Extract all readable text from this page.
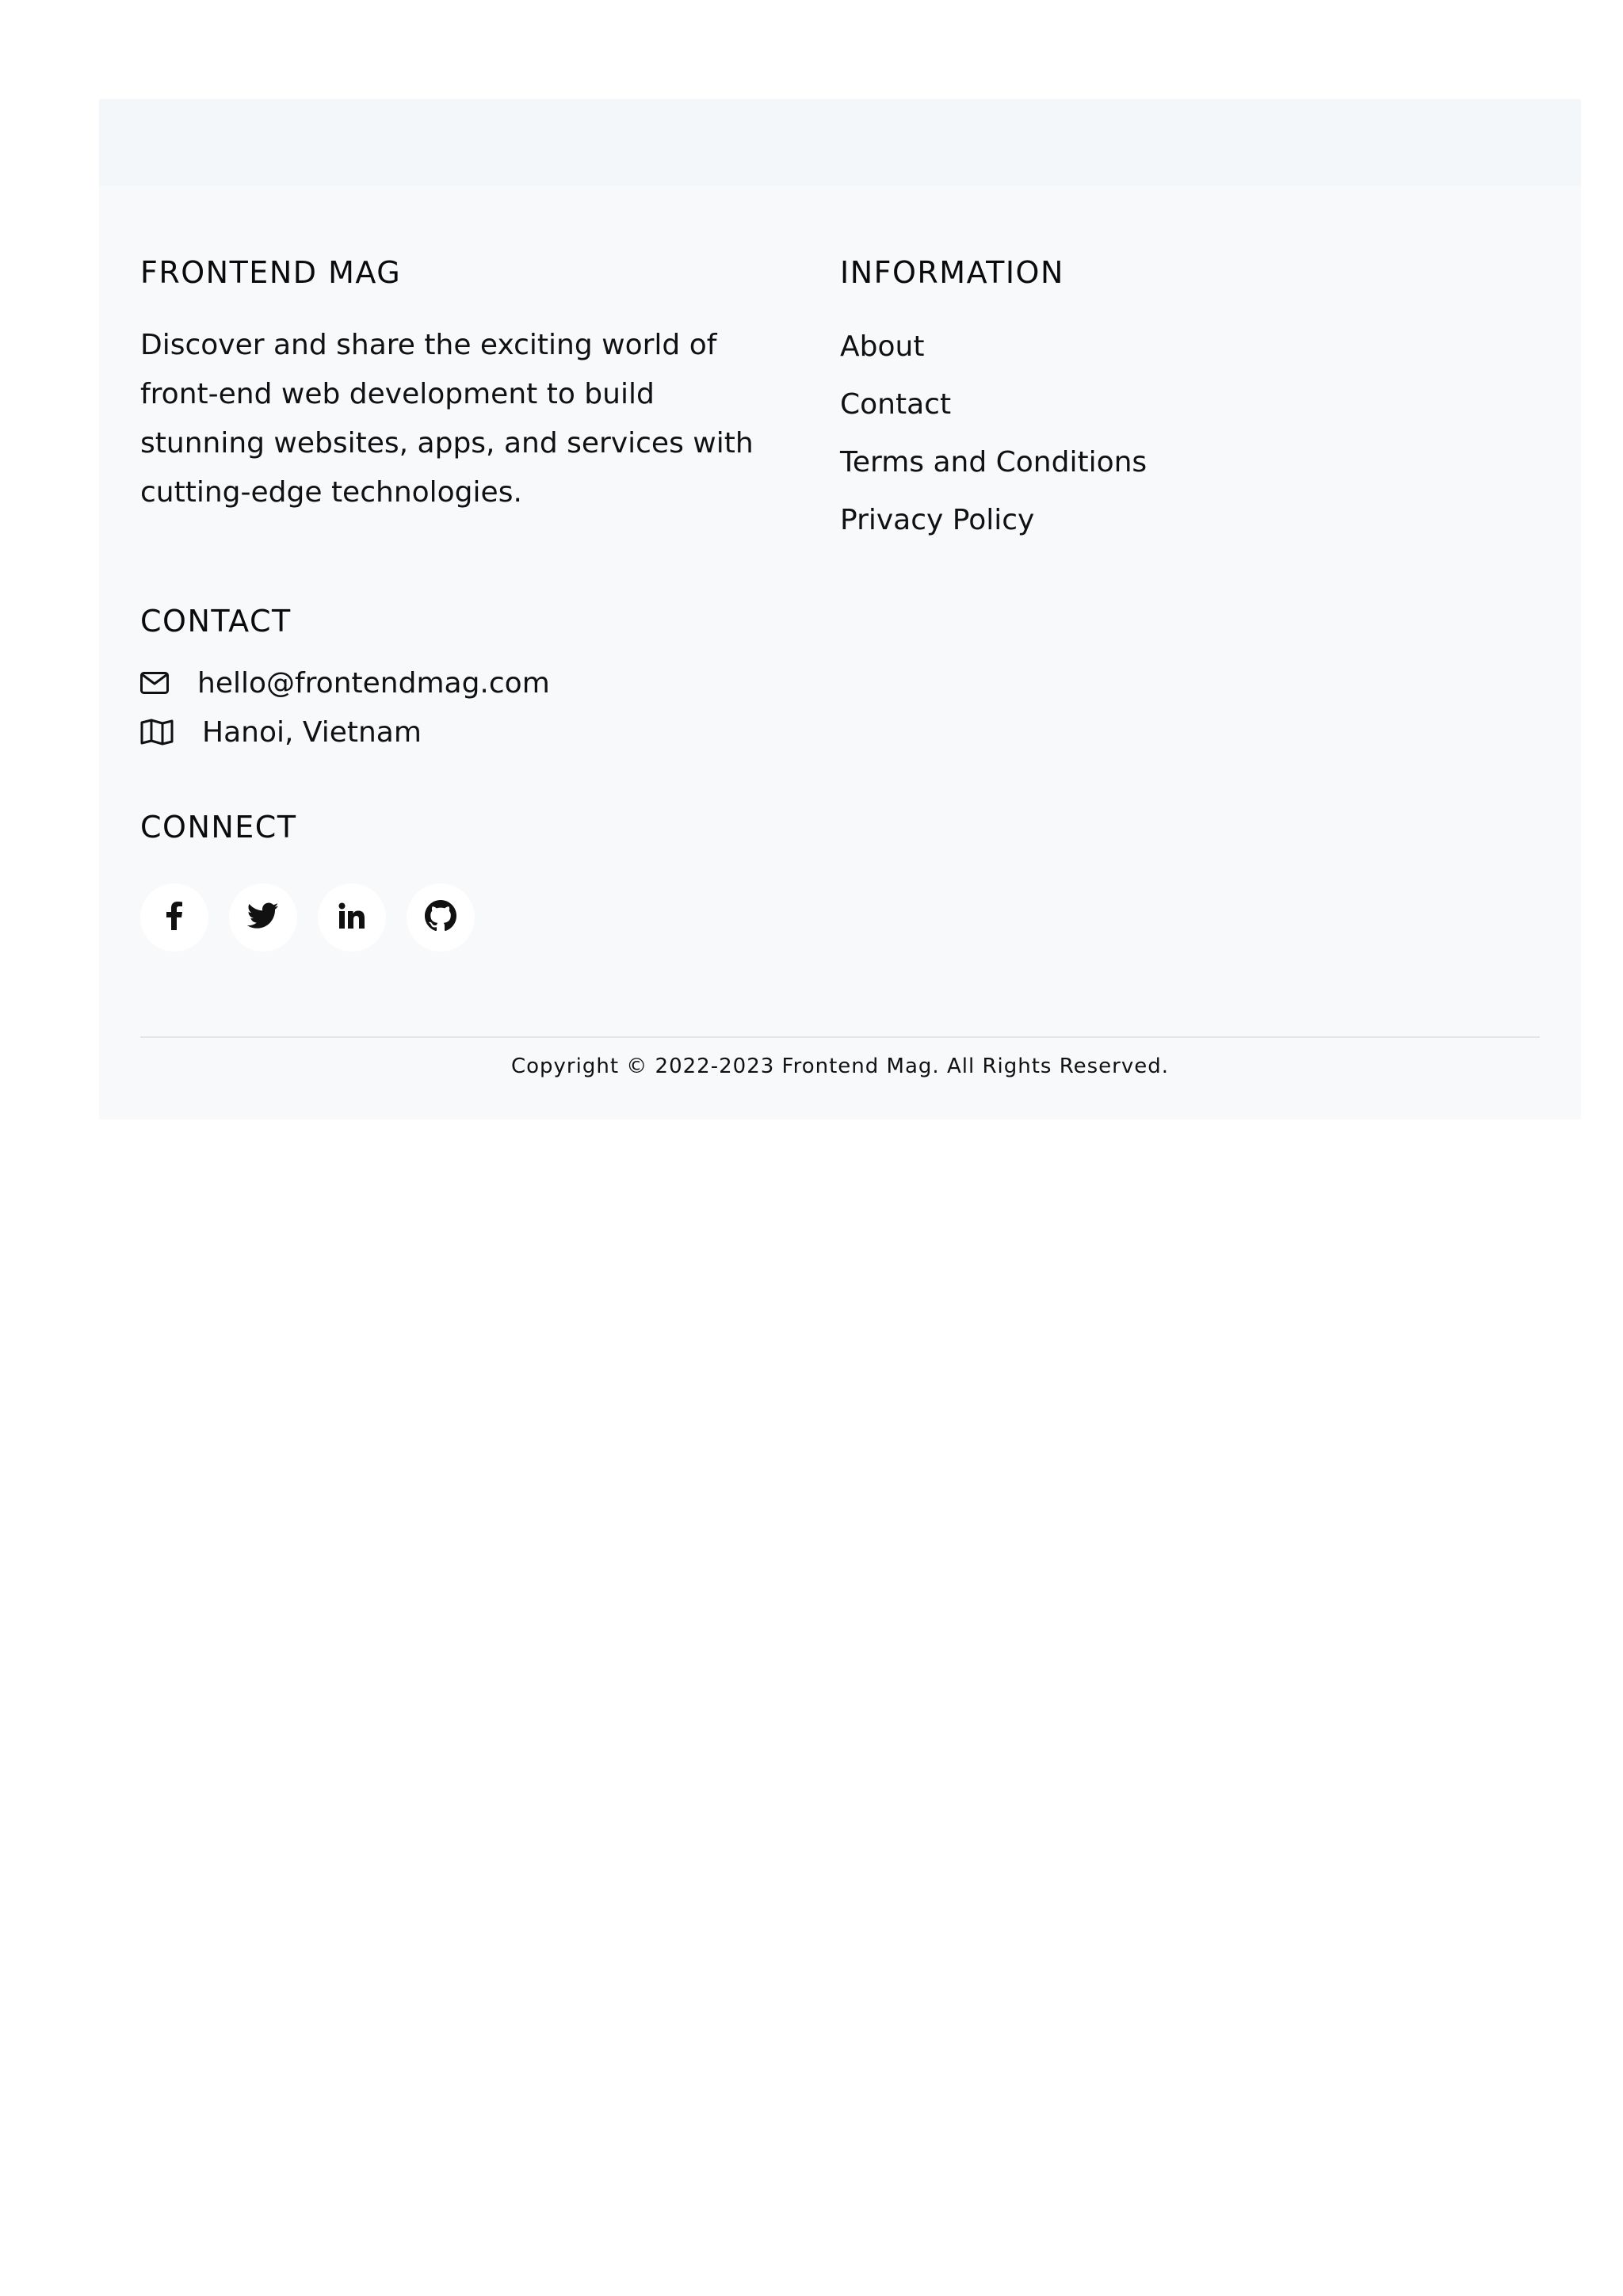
FRONTEND MAG

Discover and share the exciting world of front-end web development to build stunning websites, apps, and services with cutting-edge technologies.

INFORMATION
About
Contact
Terms and Conditions
Privacy Policy
CONTACT
hello@frontendmag.com
Hanoi, Vietnam
CONNECT
Copyright © 2022-2023 Frontend Mag. All Rights Reserved.
